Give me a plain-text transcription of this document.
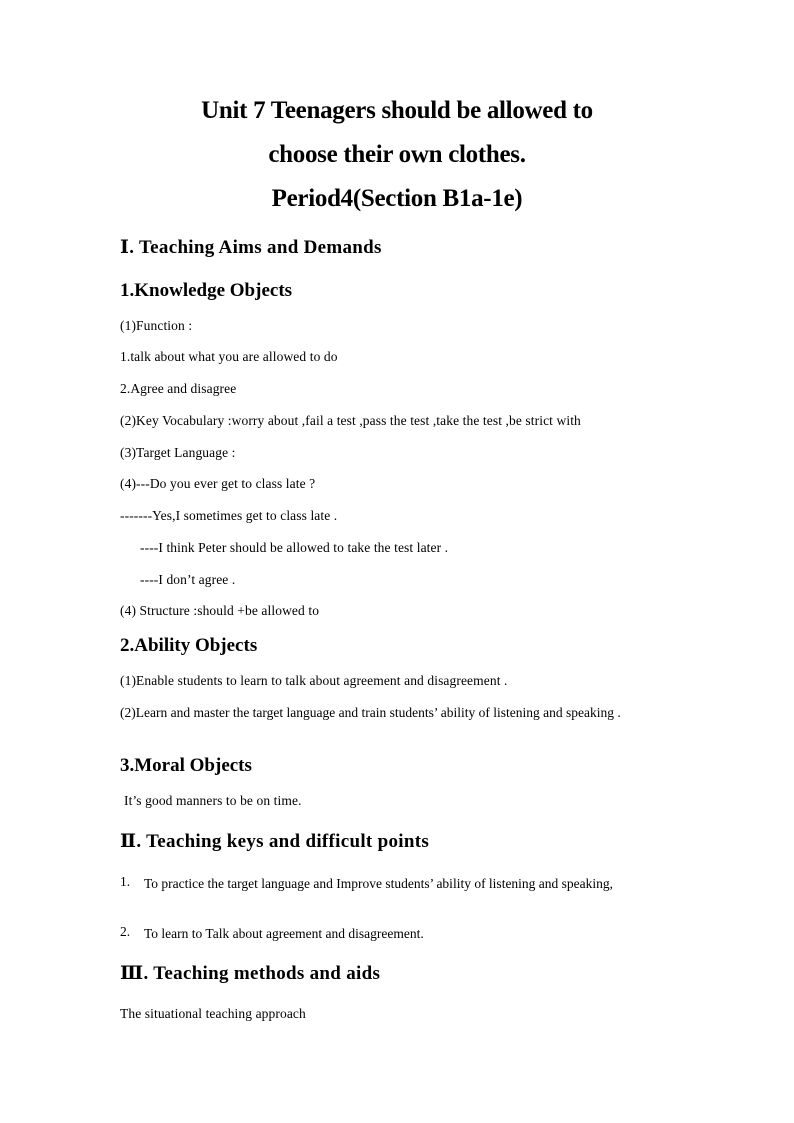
Unit 7 Teenagers should be allowed to
choose their own clothes.
Period4(Section B1a-1e)
Ⅰ. Teaching Aims and Demands
1.Knowledge Objects
(1)Function :
1.talk about what you are allowed to do
2.Agree and disagree
(2)Key Vocabulary :worry about ,fail a test ,pass the test ,take the test ,be strict with
(3)Target Language :
(4)---Do you ever get to class late ?
-------Yes,I sometimes get to class late .
----I think Peter should be allowed to take the test later .
----I don’t agree .
(4) Structure :should +be allowed to
2.Ability Objects
(1)Enable students to learn to talk about agreement and disagreement .
(2)Learn and master the target language and train students’ ability of listening and speaking .
3.Moral Objects
It’s good manners to be on time.
Ⅱ. Teaching keys and difficult points
1. To practice the target language and Improve students’ ability of listening and speaking,
2. To learn to Talk about agreement and disagreement.
Ⅲ. Teaching methods and aids
The situational teaching approach
